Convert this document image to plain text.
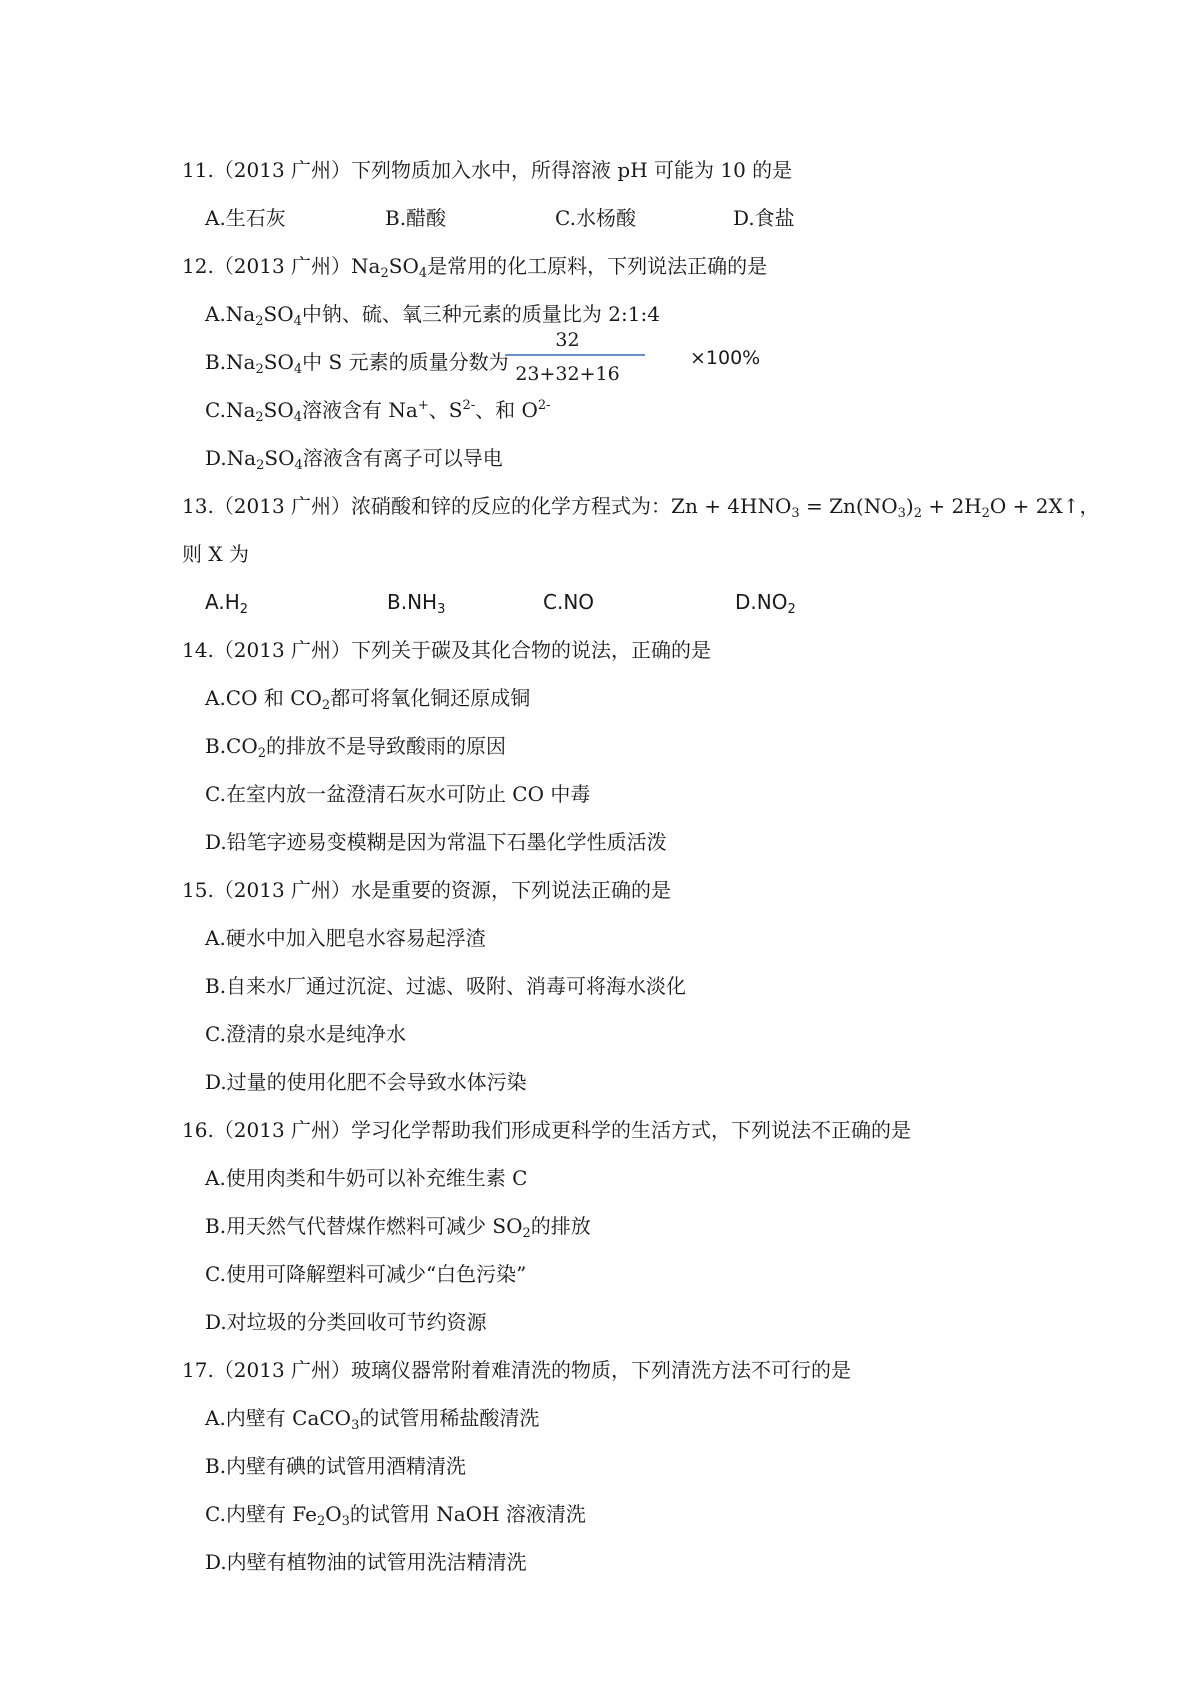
11.（2013 广州）下列物质加入水中，所得溶液 pH 可能为 10 的是
A.生石灰	B.醋酸	C.水杨酸	D.食盐
12.（2013 广州）$Na_2SO_4$是常用的化工原料，下列说法正确的是
$A.Na_2SO_4$中钠、硫、氧三种元素的质量比为 2:1:4
$B.Na_2SO_4$中 S 元素的质量分数为
32
23+32+16
×100%
$C.Na_2SO_4$溶液含有 Na+、$S^{2-}$、和 $O^{2-}$
$D.Na_2SO_4$溶液含有离子可以导电
13.（2013 广州）浓硝酸和锌的反应的化学方程式为：$Zn + 4HNO_3 = Zn(NO_3)_2 + 2H_2O$ + 2X↑，
则 X 为
$A.H_2$	$B.NH_3$	C.NO	$D.NO_2$
14.（2013 广州）下列关于碳及其化合物的说法，正确的是
A.CO 和 $CO_2$都可将氧化铜还原成铜
$B.CO_2$的排放不是导致酸雨的原因
C.在室内放一盆澄清石灰水可防止 CO 中毒
D.铅笔字迹易变模糊是因为常温下石墨化学性质活泼
15.（2013 广州）水是重要的资源，下列说法正确的是
A.硬水中加入肥皂水容易起浮渣
B.自来水厂通过沉淀、过滤、吸附、消毒可将海水淡化
C.澄清的泉水是纯净水
D.过量的使用化肥不会导致水体污染
16.（2013 广州）学习化学帮助我们形成更科学的生活方式，下列说法不正确的是
A.使用肉类和牛奶可以补充维生素 C
B.用天然气代替煤作燃料可减少 $SO_2$的排放
C.使用可降解塑料可减少“白色污染”
D.对垃圾的分类回收可节约资源
17.（2013 广州）玻璃仪器常附着难清洗的物质，下列清洗方法不可行的是
A.内壁有 CaCO$_3$的试管用稀盐酸清洗
B.内壁有碘的试管用酒精清洗
C.内壁有 $Fe_2O_3$的试管用 NaOH 溶液清洗
D.内壁有植物油的试管用洗洁精清洗
